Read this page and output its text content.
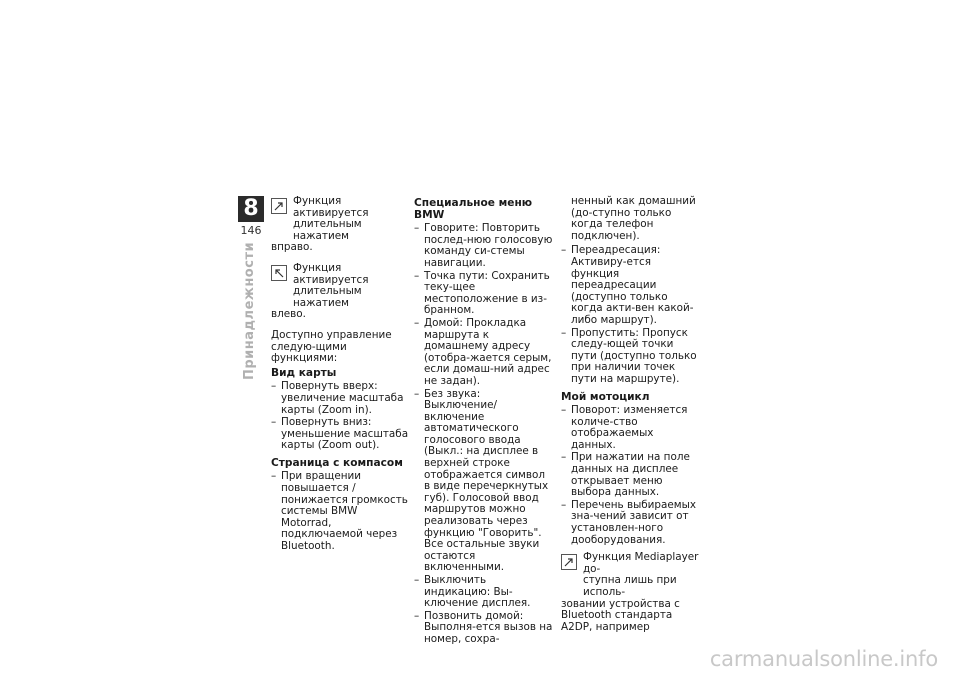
8
146
Принадлежности
Функция активируется
длительным нажатием
вправо.
Функция активируется
длительным нажатием
влево.

Доступно управление следую-щими функциями:

Вид карты
– Повернуть вверх: увеличение масштаба карты (Zoom in).
– Повернуть вниз: уменьшение масштаба карты (Zoom out).
Страница с компасом
– При вращении повышается / понижается громкость системы BMW Motorrad, подключаемой через Bluetooth.
Специальное меню BMW
– Говорите: Повторить послед-нюю голосовую команду си-стемы навигации.
– Точка пути: Сохранить теку-щее местоположение в из-бранном.
– Домой: Прокладка маршрута к домашнему адресу (отобра-жается серым, если домаш-ний адрес не задан).
– Без звука: Выключение/включение автоматического голосового ввода (Выкл.: на дисплее в верхней строке отображается символ в виде перечеркнутых губ). Голосовой ввод маршрутов можно реализовать через функцию "Говорить". Все остальные звуки остаются включенными.
– Выключить индикацию: Вы-ключение дисплея.
– Позвонить домой: Выполня-ется вызов на номер, сохра-

ненный как домашний (до-ступно только когда телефон подключен).

– Переадресация: Активиру-ется функция переадресации (доступно только когда акти-вен какой-либо маршрут).
– Пропустить: Пропуск следу-ющей точки пути (доступно только при наличии точек пути на маршруте).
Мой мотоцикл
– Поворот: изменяется количе-ство отображаемых данных.
– При нажатии на поле данных на дисплее открывает меню выбора данных.
– Перечень выбираемых зна-чений зависит от установлен-ного дооборудования.
Функция Mediaplayer до-
ступна лишь при исполь-
зовании устройства с Bluetooth стандарта A2DP, например
carmanualsonline.info
